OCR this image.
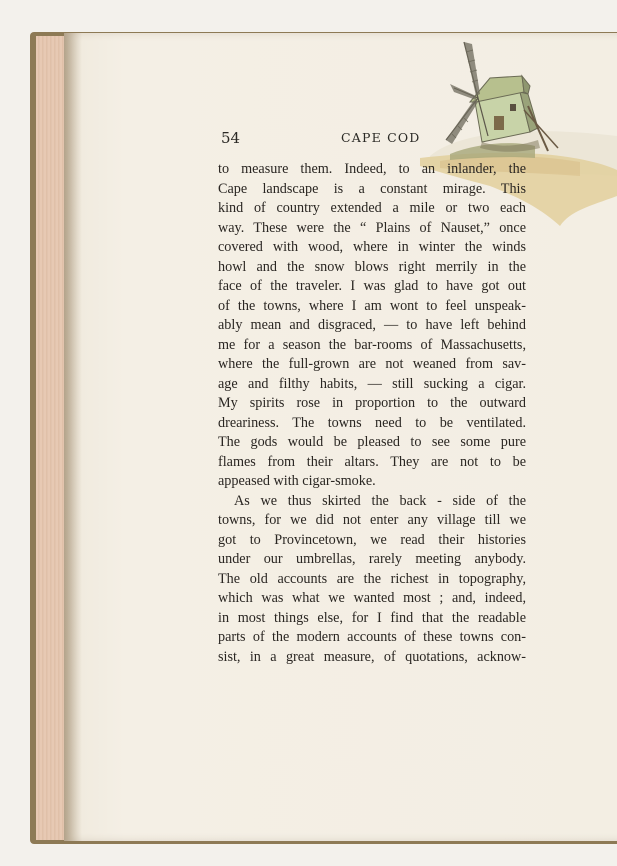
54	CAPE COD
to measure them. Indeed, to an inlander, the
Cape landscape is a constant mirage. This
kind of country extended a mile or two each
way. These were the “ Plains of Nauset,” once
covered with wood, where in winter the winds
howl and the snow blows right merrily in the
face of the traveler. I was glad to have got out
of the towns, where I am wont to feel unspeak-
ably mean and disgraced, — to have left behind
me for a season the bar-rooms of Massachusetts,
where the full-grown are not weaned from sav-
age and filthy habits, — still sucking a cigar.
My spirits rose in proportion to the outward
dreariness. The towns need to be ventilated.
The gods would be pleased to see some pure
flames from their altars. They are not to be
appeased with cigar-smoke.
As we thus skirted the back - side of the
towns, for we did not enter any village till we
got to Provincetown, we read their histories
under our umbrellas, rarely meeting anybody.
The old accounts are the richest in topography,
which was what we wanted most ; and, indeed,
in most things else, for I find that the readable
parts of the modern accounts of these towns con-
sist, in a great measure, of quotations, acknow-
